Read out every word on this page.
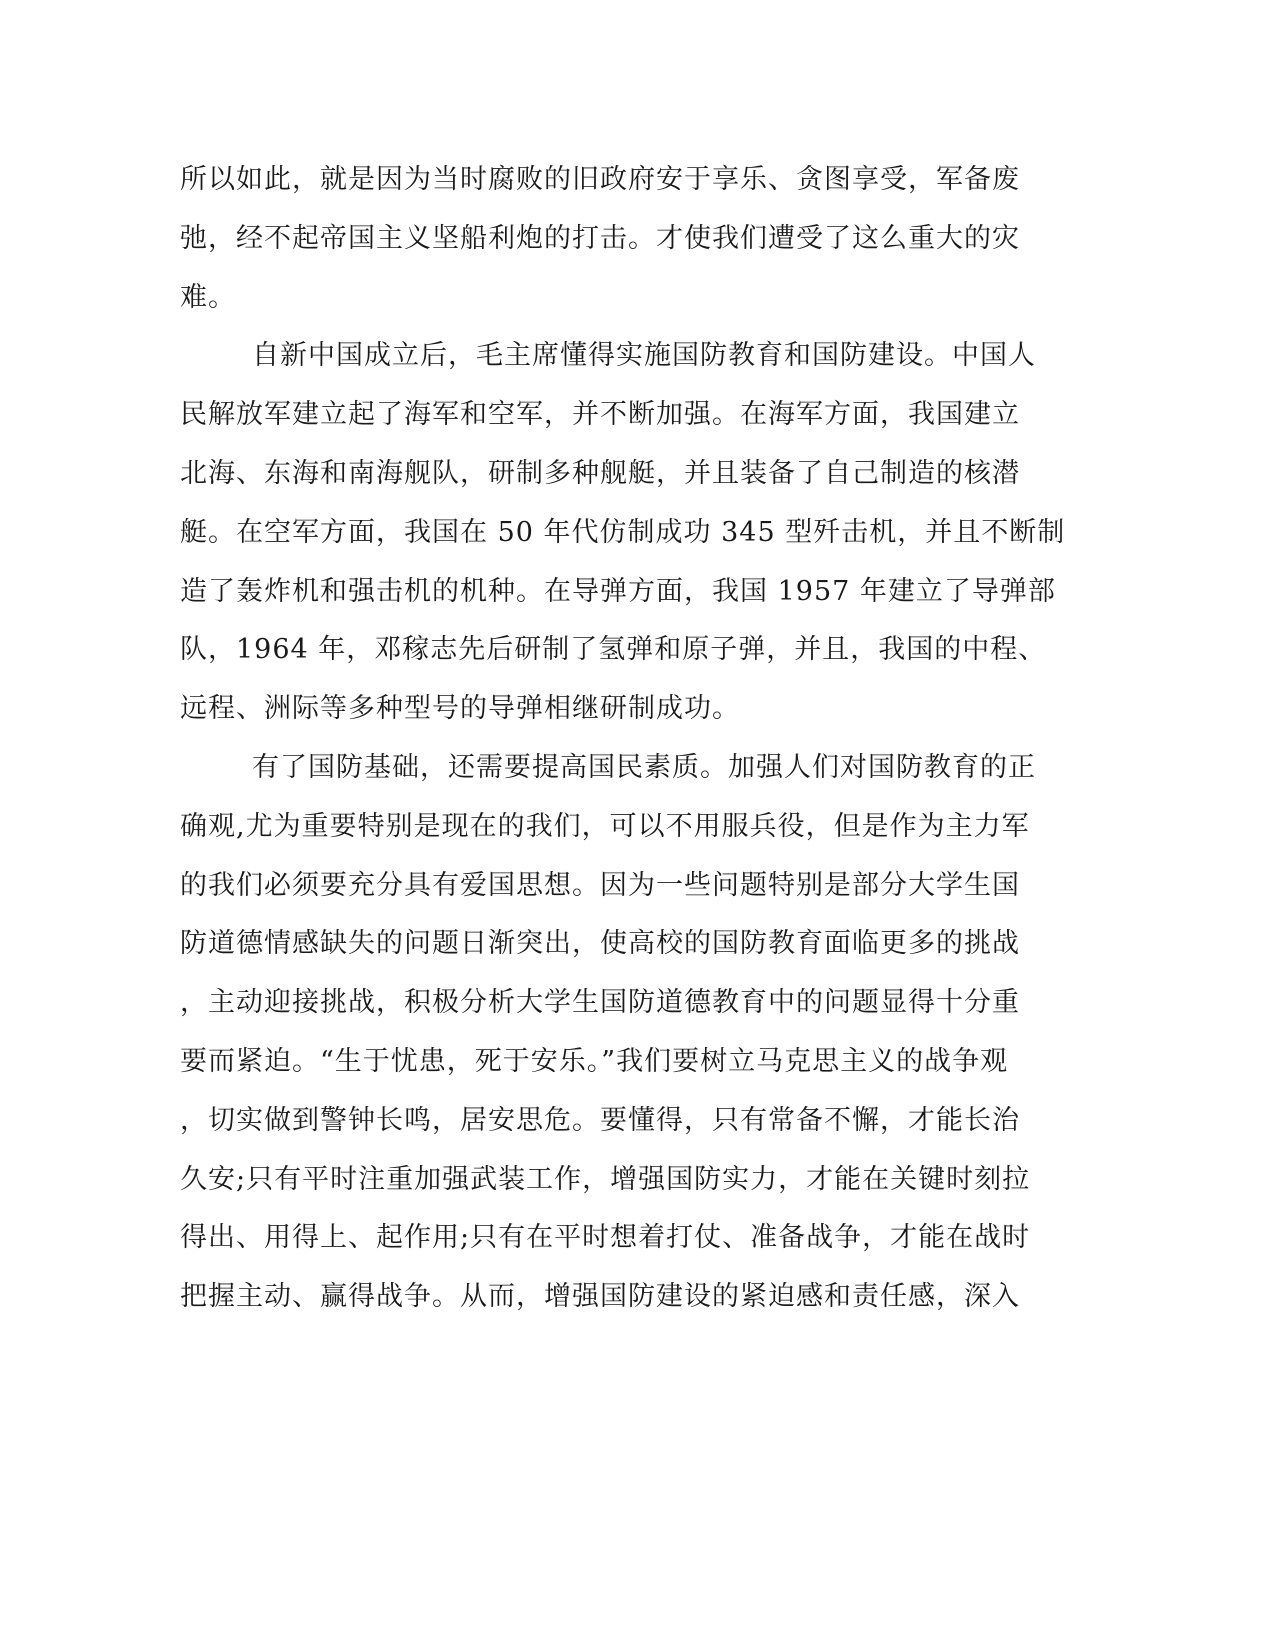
所以如此，就是因为当时腐败的旧政府安于享乐、贪图享受，军备废
弛，经不起帝国主义坚船利炮的打击。才使我们遭受了这么重大的灾
难。
自新中国成立后，毛主席懂得实施国防教育和国防建设。中国人
民解放军建立起了海军和空军，并不断加强。在海军方面，我国建立
北海、东海和南海舰队，研制多种舰艇，并且装备了自己制造的核潜
艇。在空军方面，我国在 50 年代仿制成功 345 型歼击机，并且不断制
造了轰炸机和强击机的机种。在导弹方面，我国 1957 年建立了导弹部
队，1964 年，邓稼志先后研制了氢弹和原子弹，并且，我国的中程、
远程、洲际等多种型号的导弹相继研制成功。
有了国防基础，还需要提高国民素质。加强人们对国防教育的正
确观,尤为重要特别是现在的我们，可以不用服兵役，但是作为主力军
的我们必须要充分具有爱国思想。因为一些问题特别是部分大学生国
防道德情感缺失的问题日渐突出，使高校的国防教育面临更多的挑战
，主动迎接挑战，积极分析大学生国防道德教育中的问题显得十分重
要而紧迫。“生于忧患，死于安乐。”我们要树立马克思主义的战争观
，切实做到警钟长鸣，居安思危。要懂得，只有常备不懈，才能长治
久安;只有平时注重加强武装工作，增强国防实力，才能在关键时刻拉
得出、用得上、起作用;只有在平时想着打仗、准备战争，才能在战时
把握主动、赢得战争。从而，增强国防建设的紧迫感和责任感，深入
